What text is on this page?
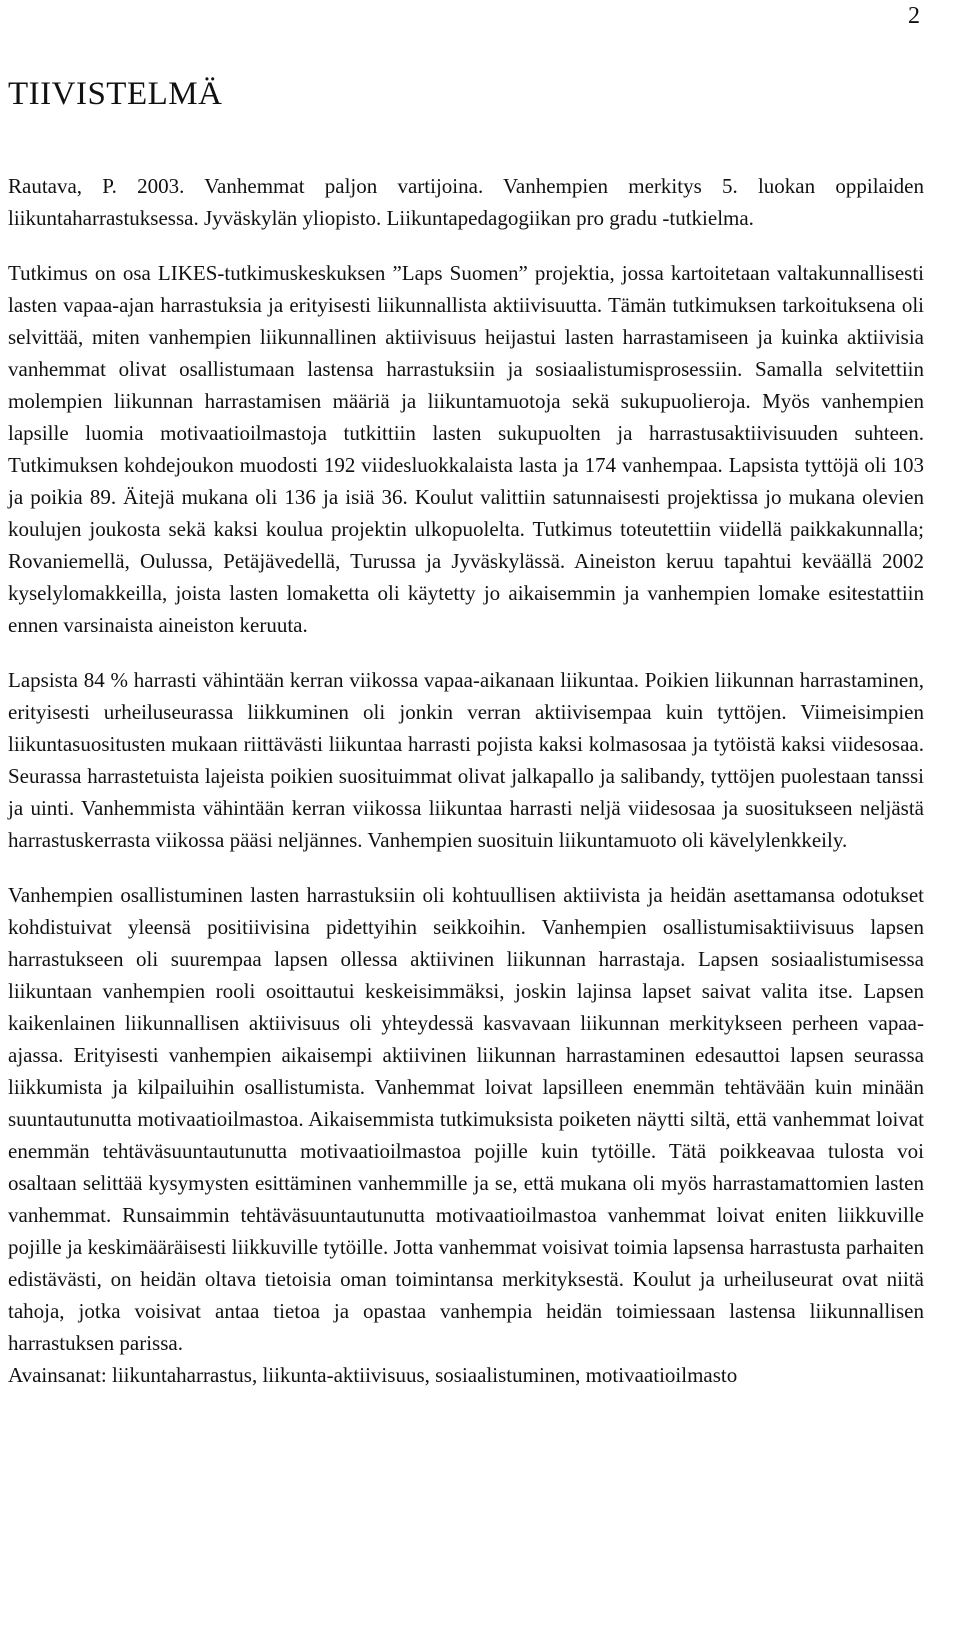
2
TIIVISTELMÄ

Rautava, P. 2003. Vanhemmat paljon vartijoina. Vanhempien merkitys 5. luokan oppilaiden liikuntaharrastuksessa. Jyväskylän yliopisto. Liikuntapedagogiikan pro gradu -tutkielma.

Tutkimus on osa LIKES-tutkimuskeskuksen ”Laps Suomen” projektia, jossa kartoitetaan valtakunnallisesti lasten vapaa-ajan harrastuksia ja erityisesti liikunnallista aktiivisuutta. Tämän tutkimuksen tarkoituksena oli selvittää, miten vanhempien liikunnallinen aktiivisuus heijastui lasten harrastamiseen ja kuinka aktiivisia vanhemmat olivat osallistumaan lastensa harrastuksiin ja sosiaalistumisprosessiin. Samalla selvitettiin molempien liikunnan harrastamisen määriä ja liikuntamuotoja sekä sukupuolieroja. Myös vanhempien lapsille luomia motivaatioilmastoja tutkittiin lasten sukupuolten ja harrastusaktiivisuuden suhteen. Tutkimuksen kohdejoukon muodosti 192 viidesluokkalaista lasta ja 174 vanhempaa. Lapsista tyttöjä oli 103 ja poikia 89. Äitejä mukana oli 136 ja isiä 36. Koulut valittiin satunnaisesti projektissa jo mukana olevien koulujen joukosta sekä kaksi koulua projektin ulkopuolelta. Tutkimus toteutettiin viidellä paikkakunnalla; Rovaniemellä, Oulussa, Petäjävedellä, Turussa ja Jyväskylässä. Aineiston keruu tapahtui keväällä 2002 kyselylomakkeilla, joista lasten lomaketta oli käytetty jo aikaisemmin ja vanhempien lomake esitestattiin ennen varsinaista aineiston keruuta.

Lapsista 84 % harrasti vähintään kerran viikossa vapaa-aikanaan liikuntaa. Poikien liikunnan harrastaminen, erityisesti urheiluseurassa liikkuminen oli jonkin verran aktiivisempaa kuin tyttöjen. Viimeisimpien liikuntasuositusten mukaan riittävästi liikuntaa harrasti pojista kaksi kolmasosaa ja tytöistä kaksi viidesosaa. Seurassa harrastetuista lajeista poikien suosituimmat olivat jalkapallo ja salibandy, tyttöjen puolestaan tanssi ja uinti. Vanhemmista vähintään kerran viikossa liikuntaa harrasti neljä viidesosaa ja suositukseen neljästä harrastuskerrasta viikossa pääsi neljännes. Vanhempien suosituin liikuntamuoto oli kävelylenkkeily.

Vanhempien osallistuminen lasten harrastuksiin oli kohtuullisen aktiivista ja heidän asettamansa odotukset kohdistuivat yleensä positiivisina pidettyihin seikkoihin. Vanhempien osallistumisaktiivisuus lapsen harrastukseen oli suurempaa lapsen ollessa aktiivinen liikunnan harrastaja. Lapsen sosiaalistumisessa liikuntaan vanhempien rooli osoittautui keskeisimmäksi, joskin lajinsa lapset saivat valita itse. Lapsen kaikenlainen liikunnallisen aktiivisuus oli yhteydessä kasvavaan liikunnan merkitykseen perheen vapaa-ajassa. Erityisesti vanhempien aikaisempi aktiivinen liikunnan harrastaminen edesauttoi lapsen seurassa liikkumista ja kilpailuihin osallistumista. Vanhemmat loivat lapsilleen enemmän tehtävään kuin minään suuntautunutta motivaatioilmastoa. Aikaisemmista tutkimuksista poiketen näytti siltä, että vanhemmat loivat enemmän tehtäväsuuntautunutta motivaatioilmastoa pojille kuin tytöille. Tätä poikkeavaa tulosta voi osaltaan selittää kysymysten esittäminen vanhemmille ja se, että mukana oli myös harrastamattomien lasten vanhemmat. Runsaimmin tehtäväsuuntautunutta motivaatioilmastoa vanhemmat loivat eniten liikkuville pojille ja keskimääräisesti liikkuville tytöille. Jotta vanhemmat voisivat toimia lapsensa harrastusta parhaiten edistävästi, on heidän oltava tietoisia oman toimintansa merkityksestä. Koulut ja urheiluseurat ovat niitä tahoja, jotka voisivat antaa tietoa ja opastaa vanhempia heidän toimiessaan lastensa liikunnallisen harrastuksen parissa.

Avainsanat: liikuntaharrastus, liikunta-aktiivisuus, sosiaalistuminen, motivaatioilmasto
